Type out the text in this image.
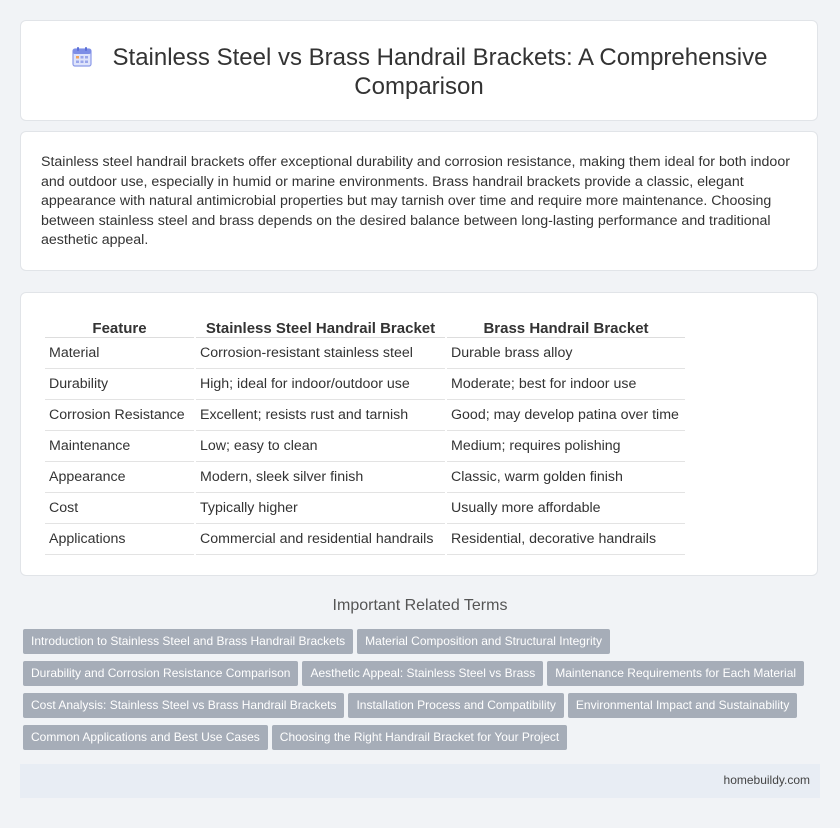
Stainless Steel vs Brass Handrail Brackets: A Comprehensive Comparison

Stainless steel handrail brackets offer exceptional durability and corrosion resistance, making them ideal for both indoor and outdoor use, especially in humid or marine environments. Brass handrail brackets provide a classic, elegant appearance with natural antimicrobial properties but may tarnish over time and require more maintenance. Choosing between stainless steel and brass depends on the desired balance between long-lasting performance and traditional aesthetic appeal.

Feature	Stainless Steel Handrail Bracket	Brass Handrail Bracket
Material	Corrosion-resistant stainless steel	Durable brass alloy
Durability	High; ideal for indoor/outdoor use	Moderate; best for indoor use
Corrosion Resistance	Excellent; resists rust and tarnish	Good; may develop patina over time
Maintenance	Low; easy to clean	Medium; requires polishing
Appearance	Modern, sleek silver finish	Classic, warm golden finish
Cost	Typically higher	Usually more affordable
Applications	Commercial and residential handrails	Residential, decorative handrails
Important Related Terms
Introduction to Stainless Steel and Brass Handrail Brackets Material Composition and Structural Integrity
Durability and Corrosion Resistance Comparison Aesthetic Appeal: Stainless Steel vs Brass Maintenance Requirements for Each Material
Cost Analysis: Stainless Steel vs Brass Handrail Brackets Installation Process and Compatibility Environmental Impact and Sustainability
Common Applications and Best Use Cases Choosing the Right Handrail Bracket for Your Project
homebuildy.com
